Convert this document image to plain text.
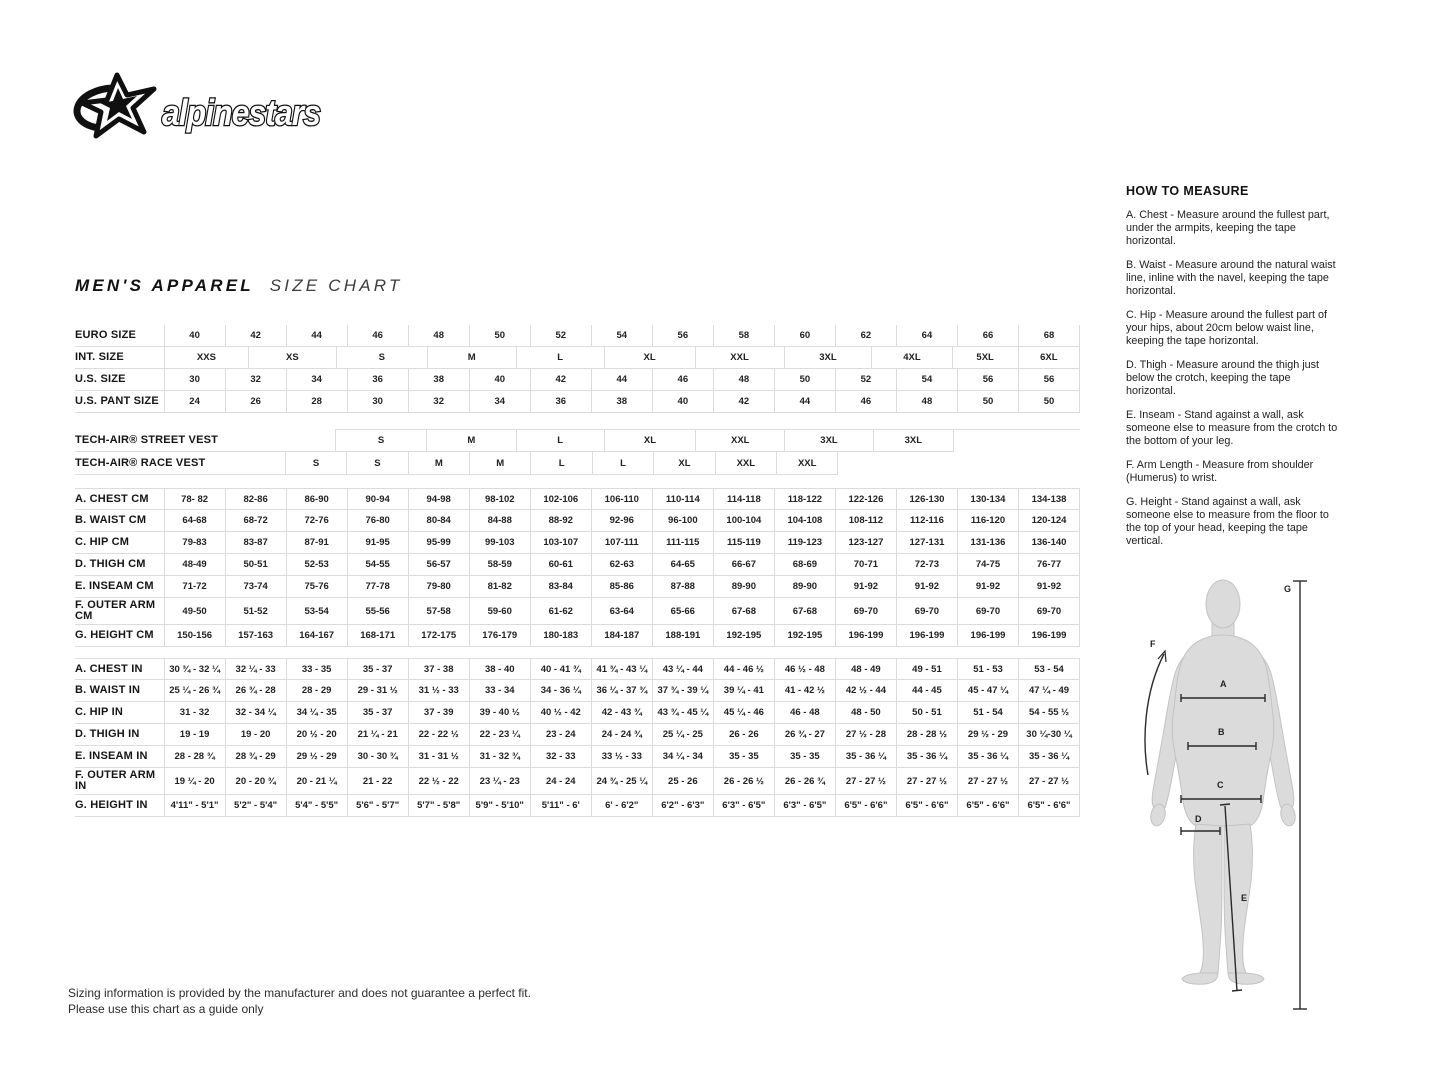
alpinestars
MEN'S APPAREL SIZE CHART
EURO SIZE	40	42	44	46	48	50	52	54	56	58	60	62	64	66	68
INT. SIZE	XXS	XS	S	M	L	XL	XXL	3XL	4XL	5XL	6XL
U.S. SIZE	30	32	34	36	38	40	42	44	46	48	50	52	54	56	56
U.S. PANT SIZE	24	26	28	30	32	34	36	38	40	42	44	46	48	50	50
TECH-AIR® STREET VEST	S	M	L	XL	XXL	3XL	3XL
TECH-AIR® RACE VEST	S	S	M	M	L	L	XL	XXL	XXL
A. CHEST CM	78- 82	82-86	86-90	90-94	94-98	98-102	102-106	106-110	110-114	114-118	118-122	122-126	126-130	130-134	134-138
B. WAIST CM	64-68	68-72	72-76	76-80	80-84	84-88	88-92	92-96	96-100	100-104	104-108	108-112	112-116	116-120	120-124
C. HIP CM	79-83	83-87	87-91	91-95	95-99	99-103	103-107	107-111	111-115	115-119	119-123	123-127	127-131	131-136	136-140
D. THIGH CM	48-49	50-51	52-53	54-55	56-57	58-59	60-61	62-63	64-65	66-67	68-69	70-71	72-73	74-75	76-77
E. INSEAM CM	71-72	73-74	75-76	77-78	79-80	81-82	83-84	85-86	87-88	89-90	89-90	91-92	91-92	91-92	91-92
F. OUTER ARM CM	49-50	51-52	53-54	55-56	57-58	59-60	61-62	63-64	65-66	67-68	67-68	69-70	69-70	69-70	69-70
G. HEIGHT CM	150-156	157-163	164-167	168-171	172-175	176-179	180-183	184-187	188-191	192-195	192-195	196-199	196-199	196-199	196-199
A. CHEST IN	30 ¾ - 32 ¼	32 ¼ - 33	33 - 35	35 - 37	37 - 38	38 - 40	40 - 41 ¾	41 ¾ - 43 ¼	43 ¼ - 44	44 - 46 ½	46 ½ - 48	48 - 49	49 - 51	51 - 53	53 - 54
B. WAIST IN	25 ¼ - 26 ¾	26 ¾ - 28	28 - 29	29 - 31 ½	31 ½ - 33	33 - 34	34 - 36 ¼	36 ¼ - 37 ¾	37 ¾ - 39 ¼	39 ¼ - 41	41 - 42 ½	42 ½ - 44	44 - 45	45 - 47 ¼	47 ¼ - 49
C. HIP IN	31 - 32	32 - 34 ¼	34 ¼ - 35	35 - 37	37 - 39	39 - 40 ½	40 ½ - 42	42 - 43 ¾	43 ¾ - 45 ¼	45 ¼ - 46	46 - 48	48 - 50	50 - 51	51 - 54	54 - 55 ½
D. THIGH IN	19 - 19	19 - 20	20 ½ - 20	21 ¼ - 21	22 - 22 ½	22 - 23 ¼	23 - 24	24 - 24 ¾	25 ¼ - 25	26 - 26	26 ¾ - 27	27 ½ - 28	28 - 28 ½	29 ½ - 29	30 ¼-30 ¼
E. INSEAM IN	28 - 28 ¾	28 ¾ - 29	29 ½ - 29	30 - 30 ¾	31 - 31 ½	31 - 32 ¾	32 - 33	33 ½ - 33	34 ¼ - 34	35 - 35	35 - 35	35 - 36 ¼	35 - 36 ¼	35 - 36 ¼	35 - 36 ¼
F. OUTER ARM IN	19 ¼ - 20	20 - 20 ¾	20 - 21 ¼	21 - 22	22 ½ - 22	23 ¼ - 23	24 - 24	24 ¾ - 25 ¼	25 - 26	26 - 26 ½	26 - 26 ¾	27 - 27 ½	27 - 27 ½	27 - 27 ½	27 - 27 ½
G. HEIGHT IN	4'11" - 5'1"	5'2" - 5'4"	5'4" - 5'5"	5'6" - 5'7"	5'7" - 5'8"	5'9" - 5'10"	5'11" - 6'	6' - 6'2"	6'2" - 6'3"	6'3" - 6'5"	6'3" - 6'5"	6'5" - 6'6"	6'5" - 6'6"	6'5" - 6'6"	6'5" - 6'6"
HOW TO MEASURE

A. Chest - Measure around the fullest part, under the armpits, keeping the tape horizontal.

B. Waist - Measure around the natural waist line, inline with the navel, keeping the tape horizontal.

C. Hip - Measure around the fullest part of your hips, about 20cm below waist line, keeping the tape horizontal.

D. Thigh - Measure around the thigh just below the crotch, keeping the tape horizontal.

E. Inseam - Stand against a wall, ask someone else to measure from the crotch to the bottom of your leg.

F. Arm Length - Measure from shoulder (Humerus) to wrist.

G. Height - Stand against a wall, ask someone else to measure from the floor to the top of your head, keeping the tape vertical.

A
B
C
D
E
F
G
Sizing information is provided by the manufacturer and does not guarantee a perfect fit.
Please use this chart as a guide only
